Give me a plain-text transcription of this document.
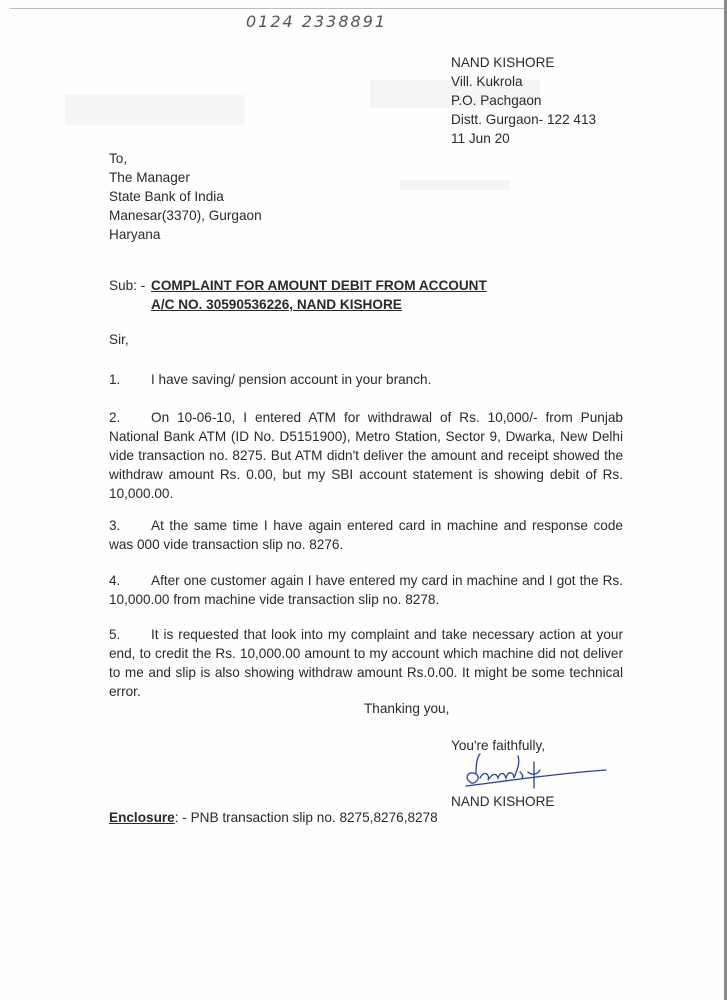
0124 2338891
NAND KISHORE
Vill. Kukrola
P.O. Pachgaon
Distt. Gurgaon- 122 413
11 Jun 20
To,
The Manager
State Bank of India
Manesar(3370), Gurgaon
Haryana
Sub: - COMPLAINT FOR AMOUNT DEBIT FROM ACCOUNT
A/C NO. 30590536226, NAND KISHORE
Sir,
1. I have saving/ pension account in your branch.
2. On 10-06-10, I entered ATM for withdrawal of Rs. 10,000/- from Punjab National Bank ATM (ID No. D5151900), Metro Station, Sector 9, Dwarka, New Delhi vide transaction no. 8275. But ATM didn't deliver the amount and receipt showed the withdraw amount Rs. 0.00, but my SBI account statement is showing debit of Rs. 10,000.00.
3. At the same time I have again entered card in machine and response code was 000 vide transaction slip no. 8276.
4. After one customer again I have entered my card in machine and I got the Rs. 10,000.00 from machine vide transaction slip no. 8278.
5. It is requested that look into my complaint and take necessary action at your end, to credit the Rs. 10,000.00 amount to my account which machine did not deliver to me and slip is also showing withdraw amount Rs.0.00. It might be some technical error.
Thanking you,
You're faithfully,
NAND KISHORE
Enclosure: - PNB transaction slip no. 8275,8276,8278
